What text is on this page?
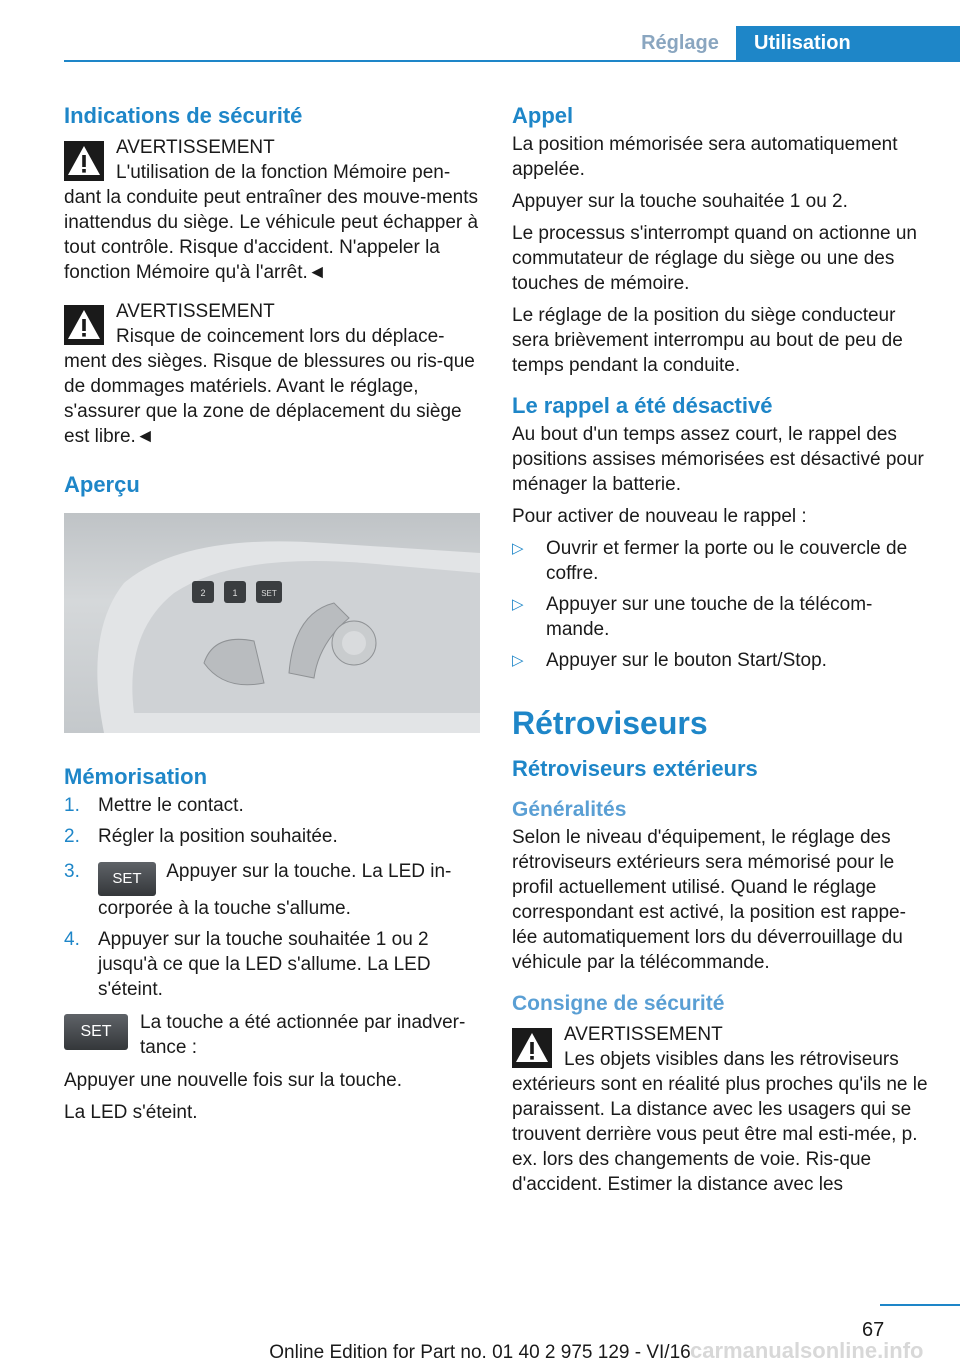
Réglage	Utilisation
Indications de sécurité
AVERTISSEMENT

L'utilisation de la fonction Mémoire pen‐dant la conduite peut entraîner des mouve‐ments inattendus du siège. Le véhicule peut échapper à tout contrôle. Risque d'accident. N'appeler la fonction Mémoire qu'à l'arrêt.◄

AVERTISSEMENT

Risque de coincement lors du déplace‐ment des sièges. Risque de blessures ou ris‐que de dommages matériels. Avant le réglage, s'assurer que la zone de déplacement du siège est libre.◄

Aperçu
2	1	SET
Mémorisation
1. Mettre le contact.
2. Régler la position souhaitée.
3. SET Appuyer sur la touche. La LED in‐corporée à la touche s'allume.
4. Appuyer sur la touche souhaitée 1 ou 2 jusqu'à ce que la LED s'allume. La LED s'éteint.
SET	La touche a été actionnée par inadver‐tance :

Appuyer une nouvelle fois sur la touche.

La LED s'éteint.

Appel

La position mémorisée sera automatiquement appelée.

Appuyer sur la touche souhaitée 1 ou 2.

Le processus s'interrompt quand on actionne un commutateur de réglage du siège ou une des touches de mémoire.

Le réglage de la position du siège conducteur sera brièvement interrompu au bout de peu de temps pendant la conduite.

Le rappel a été désactivé

Au bout d'un temps assez court, le rappel des positions assises mémorisées est désactivé pour ménager la batterie.

Pour activer de nouveau le rappel :

▷ Ouvrir et fermer la porte ou le couvercle de coffre.
▷ Appuyer sur une touche de la télécom‐mande.
▷ Appuyer sur le bouton Start/Stop.
Rétroviseurs
Rétroviseurs extérieurs
Généralités

Selon le niveau d'équipement, le réglage des rétroviseurs extérieurs sera mémorisé pour le profil actuellement utilisé. Quand le réglage correspondant est activé, la position est rappe‐lée automatiquement lors du déverrouillage du véhicule par la télécommande.

Consigne de sécurité
AVERTISSEMENT

Les objets visibles dans les rétroviseurs extérieurs sont en réalité plus proches qu'ils ne le paraissent. La distance avec les usagers qui se trouvent derrière vous peut être mal esti‐mée, p. ex. lors des changements de voie. Ris‐que d'accident. Estimer la distance avec les

67
carmanualsonline.info
Online Edition for Part no. 01 40 2 975 129 - VI/16
